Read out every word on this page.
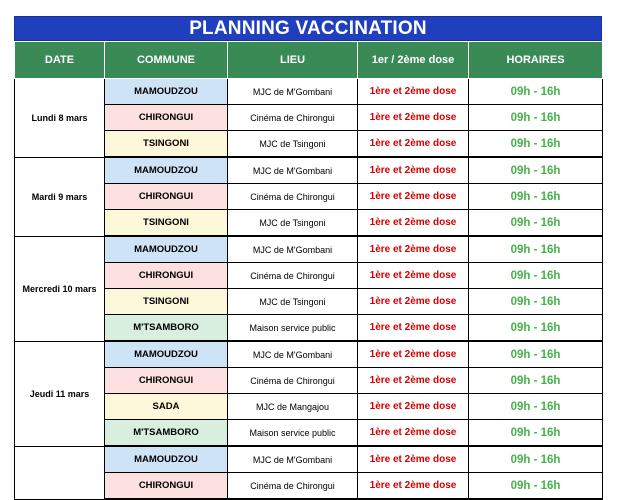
PLANNING VACCINATION
DATE	COMMUNE	LIEU	1er / 2ème dose	HORAIRES
Lundi 8 mars	MAMOUDZOU	MJC de M'Gombani	1ère et 2ème dose	09h - 16h
	CHIRONGUI	Cinéma de Chirongui	1ère et 2ème dose	09h - 16h
	TSINGONI	MJC de Tsingoni	1ère et 2ème dose	09h - 16h
Mardi 9 mars	MAMOUDZOU	MJC de M'Gombani	1ère et 2ème dose	09h - 16h
	CHIRONGUI	Cinéma de Chirongui	1ère et 2ème dose	09h - 16h
	TSINGONI	MJC de Tsingoni	1ère et 2ème dose	09h - 16h
Mercredi 10 mars	MAMOUDZOU	MJC de M'Gombani	1ère et 2ème dose	09h - 16h
	CHIRONGUI	Cinéma de Chirongui	1ère et 2ème dose	09h - 16h
	TSINGONI	MJC de Tsingoni	1ère et 2ème dose	09h - 16h
	M'TSAMBORO	Maison service public	1ère et 2ème dose	09h - 16h
Jeudi 11 mars	MAMOUDZOU	MJC de M'Gombani	1ère et 2ème dose	09h - 16h
	CHIRONGUI	Cinéma de Chirongui	1ère et 2ème dose	09h - 16h
	SADA	MJC de Mangajou	1ère et 2ème dose	09h - 16h
	M'TSAMBORO	Maison service public	1ère et 2ème dose	09h - 16h
	MAMOUDZOU	MJC de M'Gombani	1ère et 2ème dose	09h - 16h
	CHIRONGUI	Cinéma de Chirongui	1ère et 2ème dose	09h - 16h
